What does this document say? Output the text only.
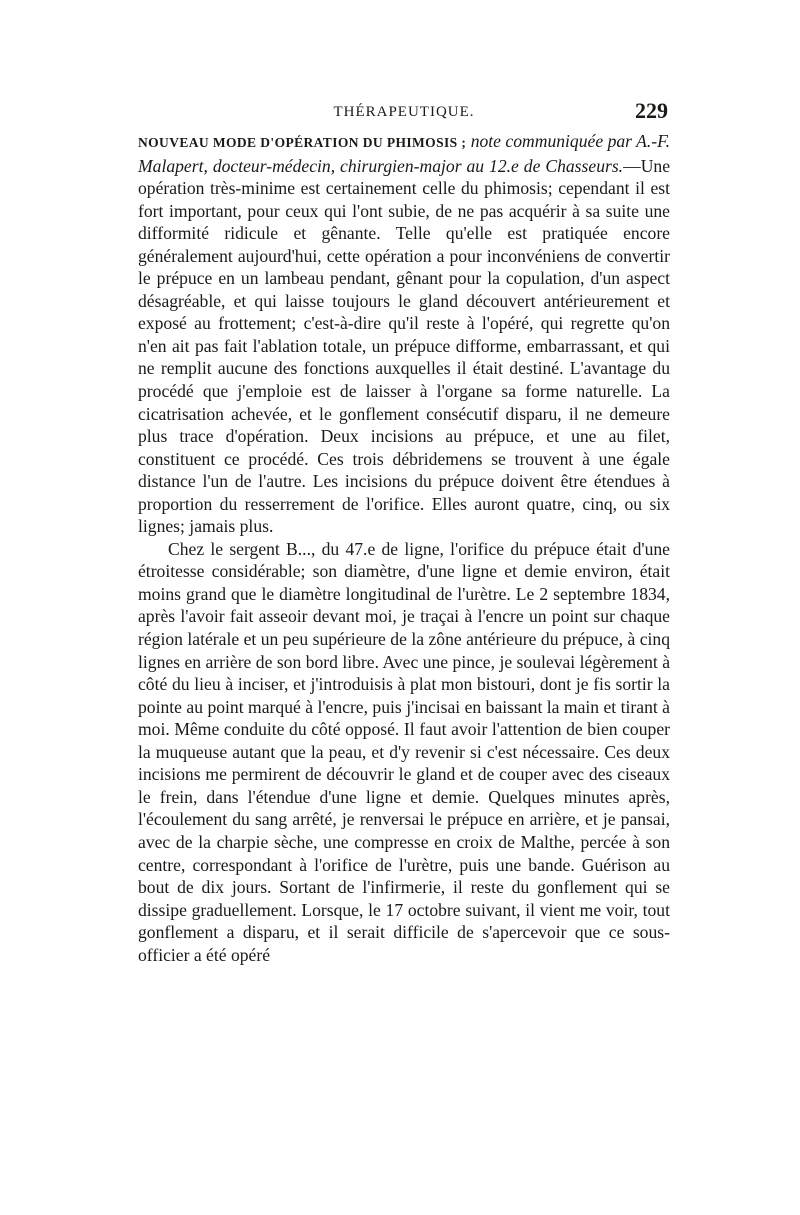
THÉRAPEUTIQUE.	229

NOUVEAU MODE D'OPÉRATION DU PHIMOSIS ; note communiquée par A.-F. Malapert, docteur-médecin, chirurgien-major au 12.e de Chasseurs.—Une opération très-minime est certainement celle du phimosis; cependant il est fort important, pour ceux qui l'ont subie, de ne pas acquérir à sa suite une difformité ridicule et gênante. Telle qu'elle est pratiquée encore généralement aujourd'hui, cette opération a pour inconvéniens de convertir le prépuce en un lambeau pendant, gênant pour la copulation, d'un aspect désagréable, et qui laisse toujours le gland découvert antérieurement et exposé au frottement; c'est-à-dire qu'il reste à l'opéré, qui regrette qu'on n'en ait pas fait l'ablation totale, un prépuce difforme, embarrassant, et qui ne remplit aucune des fonctions auxquelles il était destiné. L'avantage du procédé que j'emploie est de laisser à l'organe sa forme naturelle. La cicatrisation achevée, et le gonflement consécutif disparu, il ne demeure plus trace d'opération. Deux incisions au prépuce, et une au filet, constituent ce procédé. Ces trois débridemens se trouvent à une égale distance l'un de l'autre. Les incisions du prépuce doivent être étendues à proportion du resserrement de l'orifice. Elles auront quatre, cinq, ou six lignes; jamais plus.

Chez le sergent B..., du 47.e de ligne, l'orifice du prépuce était d'une étroitesse considérable; son diamètre, d'une ligne et demie environ, était moins grand que le diamètre longitudinal de l'urètre. Le 2 septembre 1834, après l'avoir fait asseoir devant moi, je traçai à l'encre un point sur chaque région latérale et un peu supérieure de la zône antérieure du prépuce, à cinq lignes en arrière de son bord libre. Avec une pince, je soulevai légèrement à côté du lieu à inciser, et j'introduisis à plat mon bistouri, dont je fis sortir la pointe au point marqué à l'encre, puis j'incisai en baissant la main et tirant à moi. Même conduite du côté opposé. Il faut avoir l'attention de bien couper la muqueuse autant que la peau, et d'y revenir si c'est nécessaire. Ces deux incisions me permirent de découvrir le gland et de couper avec des ciseaux le frein, dans l'étendue d'une ligne et demie. Quelques minutes après, l'écoulement du sang arrêté, je renversai le prépuce en arrière, et je pansai, avec de la charpie sèche, une compresse en croix de Malthe, percée à son centre, correspondant à l'orifice de l'urètre, puis une bande. Guérison au bout de dix jours. Sortant de l'infirmerie, il reste du gonflement qui se dissipe graduellement. Lorsque, le 17 octobre suivant, il vient me voir, tout gonflement a disparu, et il serait difficile de s'apercevoir que ce sous-officier a été opéré
